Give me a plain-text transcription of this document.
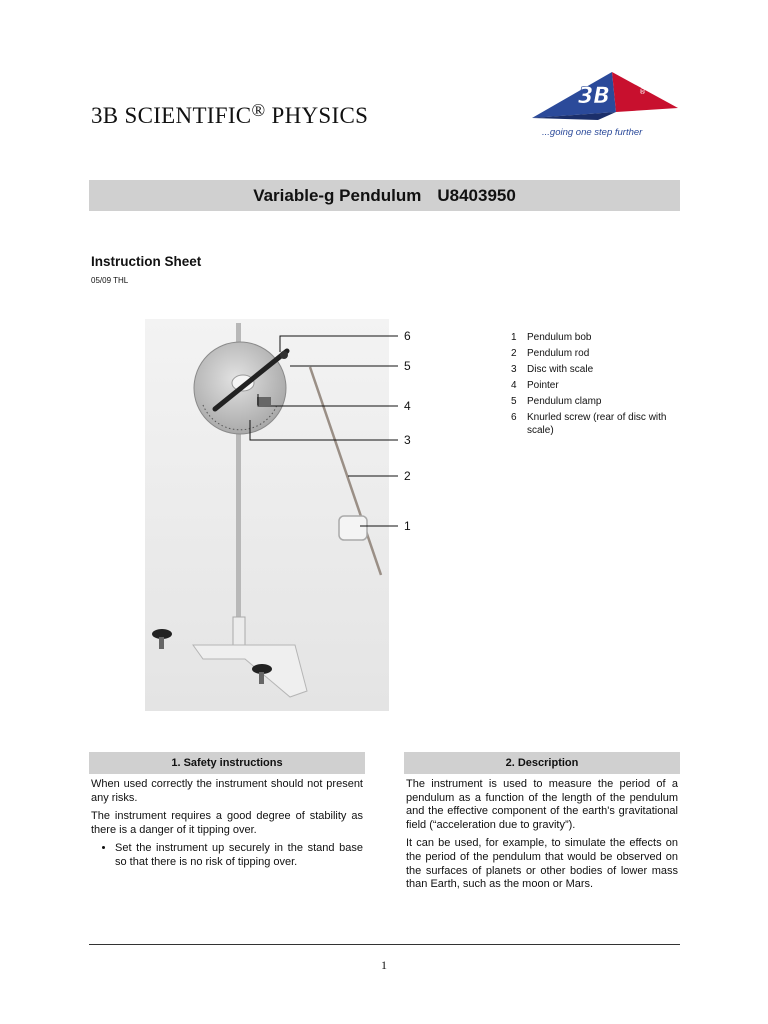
3B SCIENTIFIC® PHYSICS
3B	®
...going one step further
Variable-g Pendulum U8403950
Instruction Sheet
05/09 THL
6
5
4
3
2
1
1	Pendulum bob
2	Pendulum rod
3	Disc with scale
4	Pointer
5	Pendulum clamp
6	Knurled screw (rear of disc with scale)
1. Safety instructions

When used correctly the instrument should not present any risks.

The instrument requires a good degree of stability as there is a danger of it tipping over.

• Set the instrument up securely in the stand base so that there is no risk of tipping over.
2. Description

The instrument is used to measure the period of a pendulum as a function of the length of the pendulum and the effective component of the earth's gravitational field (“acceleration due to gravity”).

It can be used, for example, to simulate the effects on the period of the pendulum that would be observed on the surfaces of planets or other bodies of lower mass than Earth, such as the moon or Mars.

1
